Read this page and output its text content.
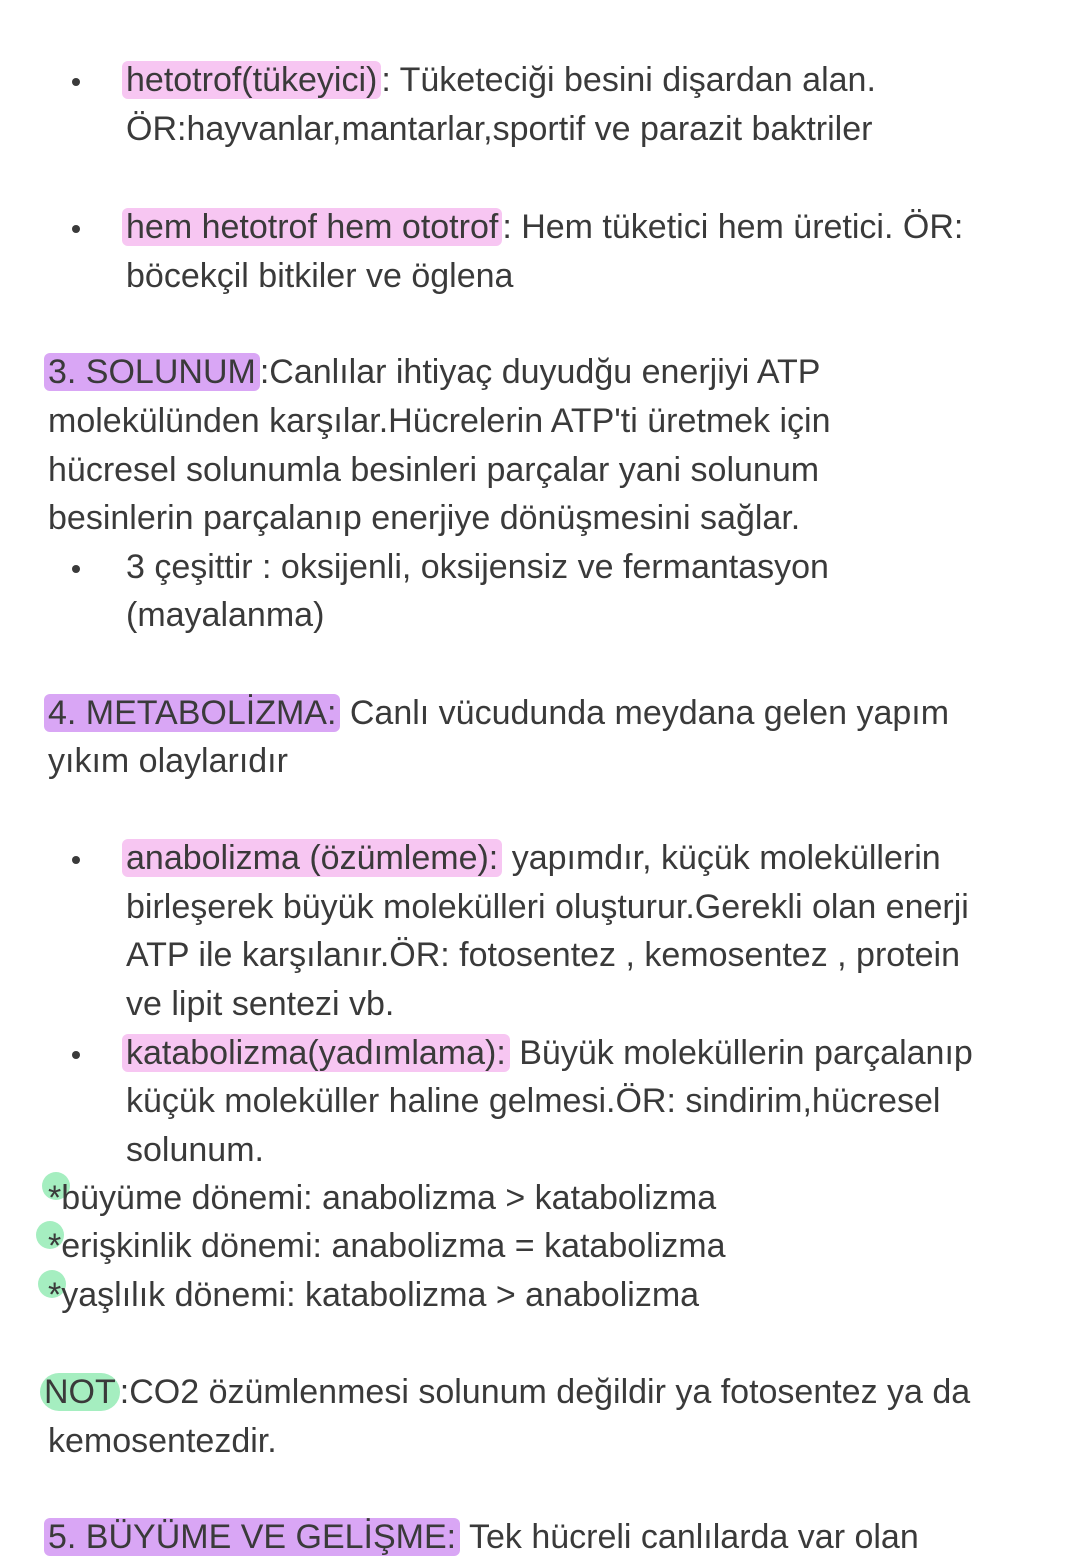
hetotrof(tükeyici) : Tüketeciği besini dişardan alan.
ÖR:hayvanlar,mantarlar,sportif ve parazit baktriler
hem hetotrof hem ototrof : Hem tüketici hem üretici. ÖR:
böcekçil bitkiler ve öglena
3. SOLUNUM :Canlılar ihtiyaç duyudğu enerjiyi ATP
molekülünden karşılar.Hücrelerin ATP'ti üretmek için
hücresel solunumla besinleri parçalar yani solunum
besinlerin parçalanıp enerjiye dönüşmesini sağlar.
3 çeşittir : oksijenli, oksijensiz ve fermantasyon
(mayalanma)
4. METABOLİZMA: Canlı vücudunda meydana gelen yapım
yıkım olaylarıdır
anabolizma (özümleme): yapımdır, küçük moleküllerin
birleşerek büyük molekülleri oluşturur.Gerekli olan enerji
ATP ile karşılanır.ÖR: fotosentez , kemosentez , protein
ve lipit sentezi vb.
katabolizma(yadımlama): Büyük moleküllerin parçalanıp
küçük moleküller haline gelmesi.ÖR: sindirim,hücresel
solunum.
*büyüme dönemi: anabolizma > katabolizma
*erişkinlik dönemi: anabolizma = katabolizma
*yaşlılık dönemi: katabolizma > anabolizma
NOT :CO2 özümlenmesi solunum değildir ya fotosentez ya da
kemosentezdir.
5. BÜYÜME VE GELİŞME: Tek hücreli canlılarda var olan
